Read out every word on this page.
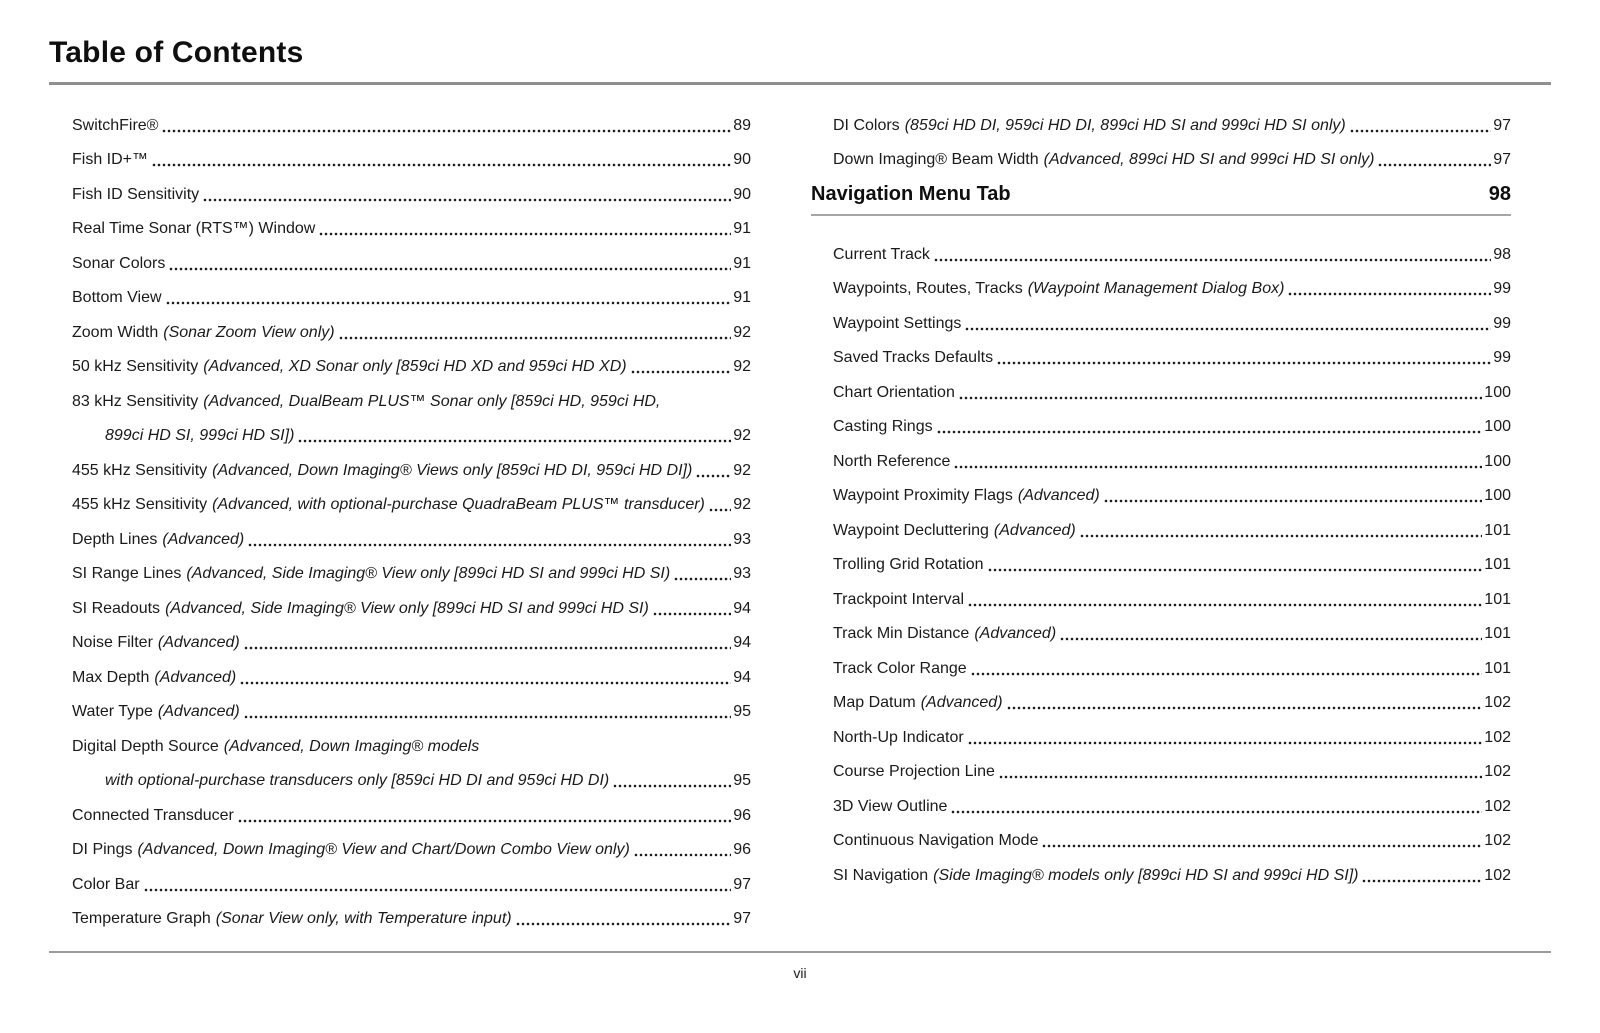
Table of Contents
SwitchFire®	89
Fish ID+™	90
Fish ID Sensitivity	90
Real Time Sonar (RTS™) Window	91
Sonar Colors	91
Bottom View	91
Zoom Width (Sonar Zoom View only)	92
50 kHz Sensitivity (Advanced, XD Sonar only [859ci HD XD and 959ci HD XD)	92
83 kHz Sensitivity (Advanced, DualBeam PLUS™ Sonar only [859ci HD, 959ci HD,
899ci HD SI, 999ci HD SI])	92
455 kHz Sensitivity (Advanced, Down Imaging® Views only [859ci HD DI, 959ci HD DI])	92
455 kHz Sensitivity (Advanced, with optional-purchase QuadraBeam PLUS™ transducer) 92
Depth Lines (Advanced)	93
SI Range Lines (Advanced, Side Imaging® View only [899ci HD SI and 999ci HD SI)	93
SI Readouts (Advanced, Side Imaging® View only [899ci HD SI and 999ci HD SI)	94
Noise Filter (Advanced)	94
Max Depth (Advanced)	94
Water Type (Advanced)	95
Digital Depth Source (Advanced, Down Imaging® models
with optional-purchase transducers only [859ci HD DI and 959ci HD DI)	95
Connected Transducer	96
DI Pings (Advanced, Down Imaging® View and Chart/Down Combo View only)	96
Color Bar	97
Temperature Graph (Sonar View only, with Temperature input)	97
DI Colors (859ci HD DI, 959ci HD DI, 899ci HD SI and 999ci HD SI only)	97
Down Imaging® Beam Width (Advanced, 899ci HD SI and 999ci HD SI only)	97
Navigation Menu Tab	98
Current Track	98
Waypoints, Routes, Tracks (Waypoint Management Dialog Box)	99
Waypoint Settings	99
Saved Tracks Defaults	99
Chart Orientation	100
Casting Rings	100
North Reference	100
Waypoint Proximity Flags (Advanced)	100
Waypoint Decluttering (Advanced)	101
Trolling Grid Rotation	101
Trackpoint Interval	101
Track Min Distance (Advanced)	101
Track Color Range	101
Map Datum (Advanced)	102
North-Up Indicator	102
Course Projection Line	102
3D View Outline	102
Continuous Navigation Mode	102
SI Navigation (Side Imaging® models only [899ci HD SI and 999ci HD SI])	102
vii
